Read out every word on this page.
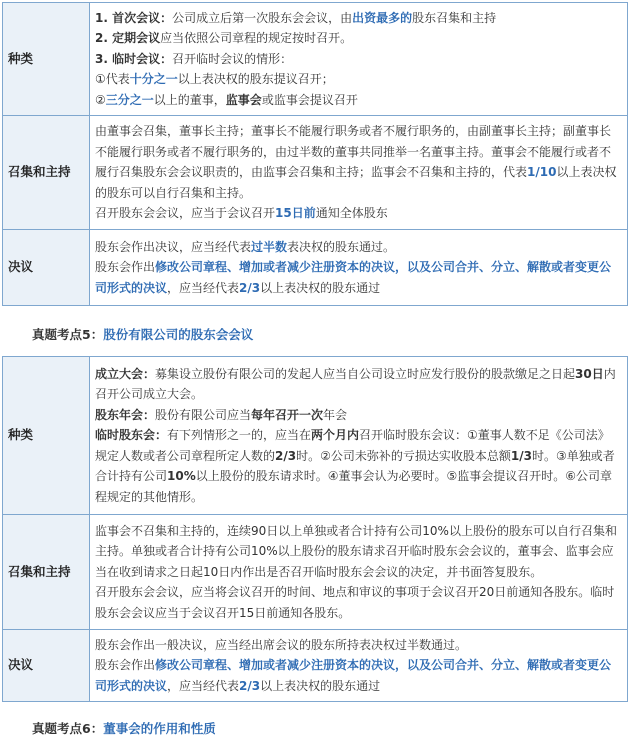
种类	1. 首次会议：公司成立后第一次股东会会议，由出资最多的股东召集和主持
2. 定期会议应当依照公司章程的规定按时召开。
3. 临时会议：召开临时会议的情形：
①代表十分之一以上表决权的股东提议召开；
②三分之一以上的董事，监事会或监事会提议召开

召集和主持	由董事会召集，董事长主持；董事长不能履行职务或者不履行职务的，由副董事长主持；副董事长不能履行职务或者不履行职务的，由过半数的董事共同推举一名董事主持。董事会不能履行或者不履行召集股东会会议职责的，由监事会召集和主持；监事会不召集和主持的，代表1/10以上表决权的股东可以自行召集和主持。
召开股东会会议，应当于会议召开15日前通知全体股东

决议	股东会作出决议，应当经代表过半数表决权的股东通过。
股东会作出修改公司章程、增加或者减少注册资本的决议，以及公司合并、分立、解散或者变更公司形式的决议，应当经代表2/3以上表决权的股东通过
真题考点5：股份有限公司的股东会会议
种类	成立大会：募集设立股份有限公司的发起人应当自公司设立时应发行股份的股款缴足之日起30日内召开公司成立大会。
股东年会：股份有限公司应当每年召开一次年会
临时股东会：有下列情形之一的，应当在两个月内召开临时股东会议：①董事人数不足《公司法》规定人数或者公司章程所定人数的2/3时。②公司未弥补的亏损达实收股本总额1/3时。③单独或者合计持有公司10%以上股份的股东请求时。④董事会认为必要时。⑤监事会提议召开时。⑥公司章程规定的其他情形。

召集和主持	监事会不召集和主持的，连续90日以上单独或者合计持有公司10%以上股份的股东可以自行召集和主持。单独或者合计持有公司10%以上股份的股东请求召开临时股东会会议的，董事会、监事会应当在收到请求之日起10日内作出是否召开临时股东会会议的决定，并书面答复股东。
召开股东会会议，应当将会议召开的时间、地点和审议的事项于会议召开20日前通知各股东。临时股东会会议应当于会议召开15日前通知各股东。

决议	股东会作出一般决议，应当经出席会议的股东所持表决权过半数通过。
股东会作出修改公司章程、增加或者减少注册资本的决议，以及公司合并、分立、解散或者变更公司形式的决议，应当经代表2/3以上表决权的股东通过
真题考点6：董事会的作用和性质
